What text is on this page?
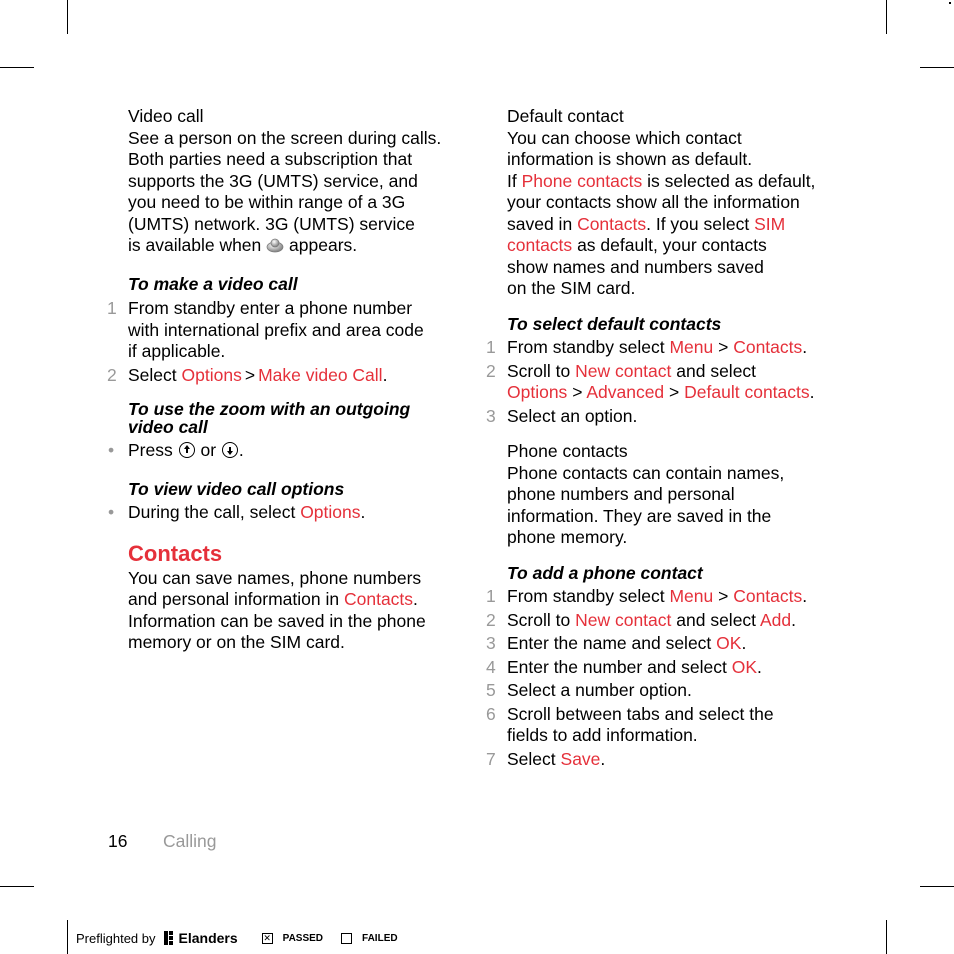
Video call

See a person on the screen during calls.
Both parties need a subscription that
supports the 3G (UMTS) service, and
you need to be within range of a 3G
(UMTS) network. 3G (UMTS) service
is available when appears.

To make a video call

1 From standby enter a phone number
with international prefix and area code
if applicable.
2 Select Options > Make video Call.

To use the zoom with an outgoing
video call

• Press or .

To view video call options

• During the call, select Options.

Contacts

You can save names, phone numbers
and personal information in Contacts.
Information can be saved in the phone
memory or on the SIM card.

Default contact

You can choose which contact
information is shown as default.
If Phone contacts is selected as default,
your contacts show all the information
saved in Contacts. If you select SIM
contacts as default, your contacts
show names and numbers saved
on the SIM card.

To select default contacts

1 From standby select Menu > Contacts.
2 Scroll to New contact and select
Options > Advanced > Default contacts.
3 Select an option.

Phone contacts

Phone contacts can contain names,
phone numbers and personal
information. They are saved in the
phone memory.

To add a phone contact

1 From standby select Menu > Contacts.
2 Scroll to New contact and select Add.
3 Enter the name and select OK.
4 Enter the number and select OK.
5 Select a number option.
6 Scroll between tabs and select the
fields to add information.
7 Select Save.
16 Calling
Preflighted by Elanders	✕ PASSED	FAILED
